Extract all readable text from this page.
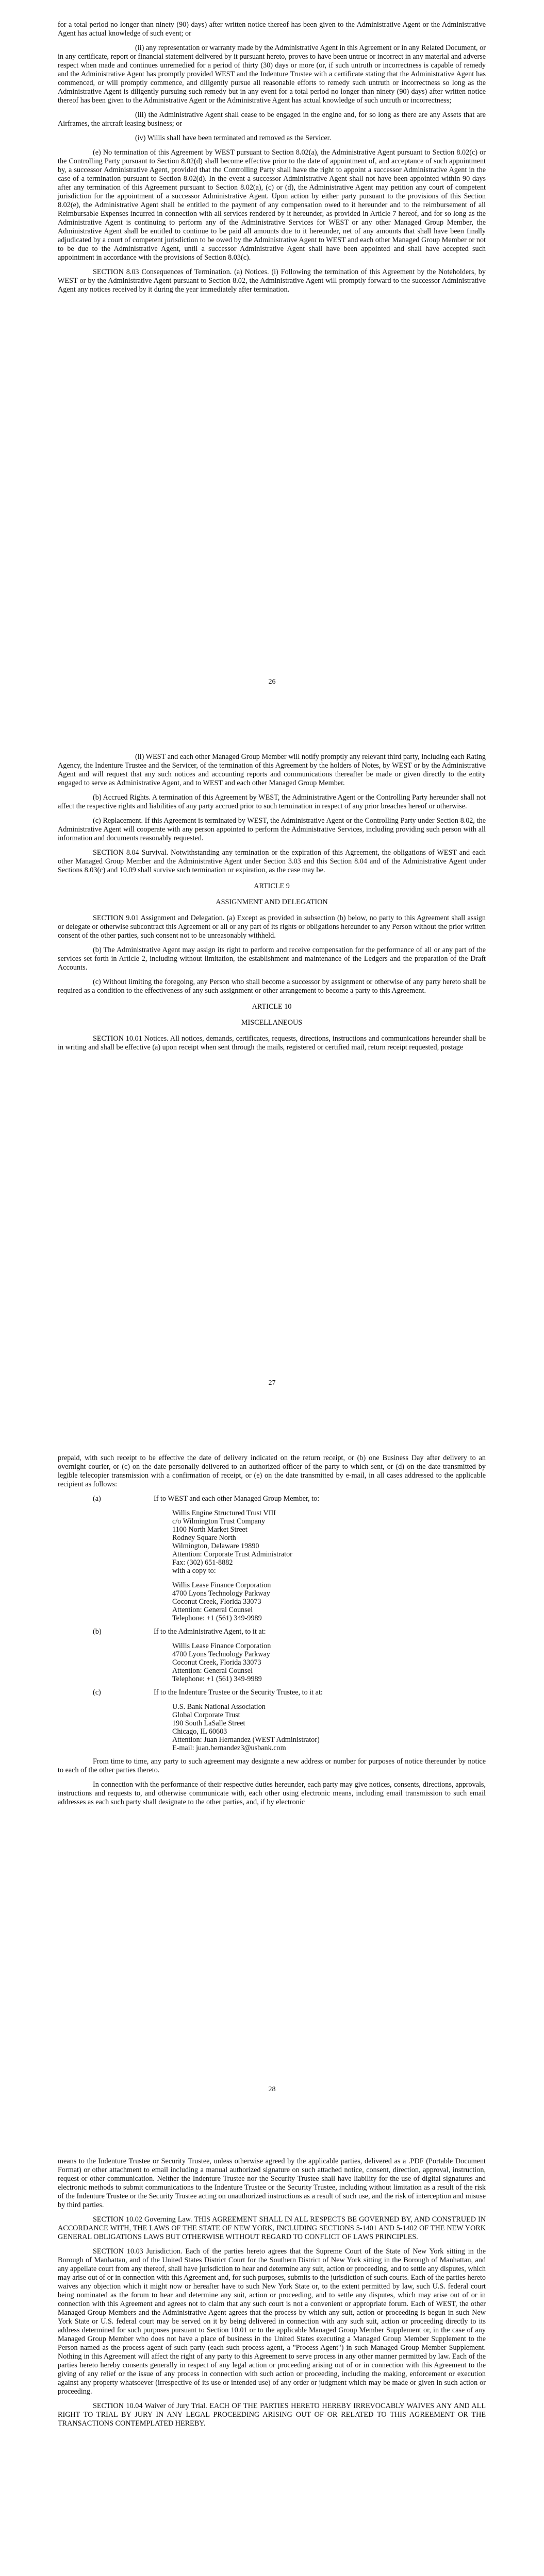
for a total period no longer than ninety (90) days) after written notice thereof has been given to the Administrative Agent or the Administrative Agent has actual knowledge of such event; or

(ii) any representation or warranty made by the Administrative Agent in this Agreement or in any Related Document, or in any certificate, report or financial statement delivered by it pursuant hereto, proves to have been untrue or incorrect in any material and adverse respect when made and continues unremedied for a period of thirty (30) days or more (or, if such untruth or incorrectness is capable of remedy and the Administrative Agent has promptly provided WEST and the Indenture Trustee with a certificate stating that the Administrative Agent has commenced, or will promptly commence, and diligently pursue all reasonable efforts to remedy such untruth or incorrectness so long as the Administrative Agent is diligently pursuing such remedy but in any event for a total period no longer than ninety (90) days) after written notice thereof has been given to the Administrative Agent or the Administrative Agent has actual knowledge of such untruth or incorrectness;

(iii) the Administrative Agent shall cease to be engaged in the engine and, for so long as there are any Assets that are Airframes, the aircraft leasing business; or

(iv) Willis shall have been terminated and removed as the Servicer.

(e) No termination of this Agreement by WEST pursuant to Section 8.02(a), the Administrative Agent pursuant to Section 8.02(c) or the Controlling Party pursuant to Section 8.02(d) shall become effective prior to the date of appointment of, and acceptance of such appointment by, a successor Administrative Agent, provided that the Controlling Party shall have the right to appoint a successor Administrative Agent in the case of a termination pursuant to Section 8.02(d). In the event a successor Administrative Agent shall not have been appointed within 90 days after any termination of this Agreement pursuant to Section 8.02(a), (c) or (d), the Administrative Agent may petition any court of competent jurisdiction for the appointment of a successor Administrative Agent. Upon action by either party pursuant to the provisions of this Section 8.02(e), the Administrative Agent shall be entitled to the payment of any compensation owed to it hereunder and to the reimbursement of all Reimbursable Expenses incurred in connection with all services rendered by it hereunder, as provided in Article 7 hereof, and for so long as the Administrative Agent is continuing to perform any of the Administrative Services for WEST or any other Managed Group Member, the Administrative Agent shall be entitled to continue to be paid all amounts due to it hereunder, net of any amounts that shall have been finally adjudicated by a court of competent jurisdiction to be owed by the Administrative Agent to WEST and each other Managed Group Member or not to be due to the Administrative Agent, until a successor Administrative Agent shall have been appointed and shall have accepted such appointment in accordance with the provisions of Section 8.03(c).

SECTION 8.03 Consequences of Termination. (a) Notices. (i) Following the termination of this Agreement by the Noteholders, by WEST or by the Administrative Agent pursuant to Section 8.02, the Administrative Agent will promptly forward to the successor Administrative Agent any notices received by it during the year immediately after termination.

26

(ii) WEST and each other Managed Group Member will notify promptly any relevant third party, including each Rating Agency, the Indenture Trustee and the Servicer, of the termination of this Agreement by the holders of Notes, by WEST or by the Administrative Agent and will request that any such notices and accounting reports and communications thereafter be made or given directly to the entity engaged to serve as Administrative Agent, and to WEST and each other Managed Group Member.

(b) Accrued Rights. A termination of this Agreement by WEST, the Administrative Agent or the Controlling Party hereunder shall not affect the respective rights and liabilities of any party accrued prior to such termination in respect of any prior breaches hereof or otherwise.

(c) Replacement. If this Agreement is terminated by WEST, the Administrative Agent or the Controlling Party under Section 8.02, the Administrative Agent will cooperate with any person appointed to perform the Administrative Services, including providing such person with all information and documents reasonably requested.

SECTION 8.04 Survival. Notwithstanding any termination or the expiration of this Agreement, the obligations of WEST and each other Managed Group Member and the Administrative Agent under Section 3.03 and this Section 8.04 and of the Administrative Agent under Sections 8.03(c) and 10.09 shall survive such termination or expiration, as the case may be.

ARTICLE 9

ASSIGNMENT AND DELEGATION

SECTION 9.01 Assignment and Delegation. (a) Except as provided in subsection (b) below, no party to this Agreement shall assign or delegate or otherwise subcontract this Agreement or all or any part of its rights or obligations hereunder to any Person without the prior written consent of the other parties, such consent not to be unreasonably withheld.

(b) The Administrative Agent may assign its right to perform and receive compensation for the performance of all or any part of the services set forth in Article 2, including without limitation, the establishment and maintenance of the Ledgers and the preparation of the Draft Accounts.

(c) Without limiting the foregoing, any Person who shall become a successor by assignment or otherwise of any party hereto shall be required as a condition to the effectiveness of any such assignment or other arrangement to become a party to this Agreement.

ARTICLE 10

MISCELLANEOUS

SECTION 10.01 Notices. All notices, demands, certificates, requests, directions, instructions and communications hereunder shall be in writing and shall be effective (a) upon receipt when sent through the mails, registered or certified mail, return receipt requested, postage

27

prepaid, with such receipt to be effective the date of delivery indicated on the return receipt, or (b) one Business Day after delivery to an overnight courier, or (c) on the date personally delivered to an authorized officer of the party to which sent, or (d) on the date transmitted by legible telecopier transmission with a confirmation of receipt, or (e) on the date transmitted by e-mail, in all cases addressed to the applicable recipient as follows:

(a)	If to WEST and each other Managed Group Member, to:

Willis Engine Structured Trust VIII
c/o Wilmington Trust Company
1100 North Market Street
Rodney Square North
Wilmington, Delaware 19890
Attention: Corporate Trust Administrator
Fax: (302) 651-8882

with a copy to:

Willis Lease Finance Corporation
4700 Lyons Technology Parkway
Coconut Creek, Florida 33073
Attention: General Counsel
Telephone: +1 (561) 349-9989
(b)	If to the Administrative Agent, to it at:

Willis Lease Finance Corporation
4700 Lyons Technology Parkway
Coconut Creek, Florida 33073
Attention: General Counsel
Telephone: +1 (561) 349-9989
(c)	If to the Indenture Trustee or the Security Trustee, to it at:

U.S. Bank National Association
Global Corporate Trust
190 South LaSalle Street
Chicago, IL 60603
Attention: Juan Hernandez (WEST Administrator)
E-mail: juan.hernandez3@usbank.com

From time to time, any party to such agreement may designate a new address or number for purposes of notice thereunder by notice to each of the other parties thereto.

In connection with the performance of their respective duties hereunder, each party may give notices, consents, directions, approvals, instructions and requests to, and otherwise communicate with, each other using electronic means, including email transmission to such email addresses as each such party shall designate to the other parties, and, if by electronic

28

means to the Indenture Trustee or Security Trustee, unless otherwise agreed by the applicable parties, delivered as a .PDF (Portable Document Format) or other attachment to email including a manual authorized signature on such attached notice, consent, direction, approval, instruction, request or other communication. Neither the Indenture Trustee nor the Security Trustee shall have liability for the use of digital signatures and electronic methods to submit communications to the Indenture Trustee or the Security Trustee, including without limitation as a result of the risk of the Indenture Trustee or the Security Trustee acting on unauthorized instructions as a result of such use, and the risk of interception and misuse by third parties.

SECTION 10.02 Governing Law. THIS AGREEMENT SHALL IN ALL RESPECTS BE GOVERNED BY, AND CONSTRUED IN ACCORDANCE WITH, THE LAWS OF THE STATE OF NEW YORK, INCLUDING SECTIONS 5-1401 AND 5-1402 OF THE NEW YORK GENERAL OBLIGATIONS LAWS BUT OTHERWISE WITHOUT REGARD TO CONFLICT OF LAWS PRINCIPLES.

SECTION 10.03 Jurisdiction. Each of the parties hereto agrees that the Supreme Court of the State of New York sitting in the Borough of Manhattan, and of the United States District Court for the Southern District of New York sitting in the Borough of Manhattan, and any appellate court from any thereof, shall have jurisdiction to hear and determine any suit, action or proceeding, and to settle any disputes, which may arise out of or in connection with this Agreement and, for such purposes, submits to the jurisdiction of such courts. Each of the parties hereto waives any objection which it might now or hereafter have to such New York State or, to the extent permitted by law, such U.S. federal court being nominated as the forum to hear and determine any suit, action or proceeding, and to settle any disputes, which may arise out of or in connection with this Agreement and agrees not to claim that any such court is not a convenient or appropriate forum. Each of WEST, the other Managed Group Members and the Administrative Agent agrees that the process by which any suit, action or proceeding is begun in such New York State or U.S. federal court may be served on it by being delivered in connection with any such suit, action or proceeding directly to its address determined for such purposes pursuant to Section 10.01 or to the applicable Managed Group Member Supplement or, in the case of any Managed Group Member who does not have a place of business in the United States executing a Managed Group Member Supplement to the Person named as the process agent of such party (each such process agent, a "Process Agent") in such Managed Group Member Supplement. Nothing in this Agreement will affect the right of any party to this Agreement to serve process in any other manner permitted by law. Each of the parties hereto hereby consents generally in respect of any legal action or proceeding arising out of or in connection with this Agreement to the giving of any relief or the issue of any process in connection with such action or proceeding, including the making, enforcement or execution against any property whatsoever (irrespective of its use or intended use) of any order or judgment which may be made or given in such action or proceeding.

SECTION 10.04 Waiver of Jury Trial. EACH OF THE PARTIES HERETO HEREBY IRREVOCABLY WAIVES ANY AND ALL RIGHT TO TRIAL BY JURY IN ANY LEGAL PROCEEDING ARISING OUT OF OR RELATED TO THIS AGREEMENT OR THE TRANSACTIONS CONTEMPLATED HEREBY.
